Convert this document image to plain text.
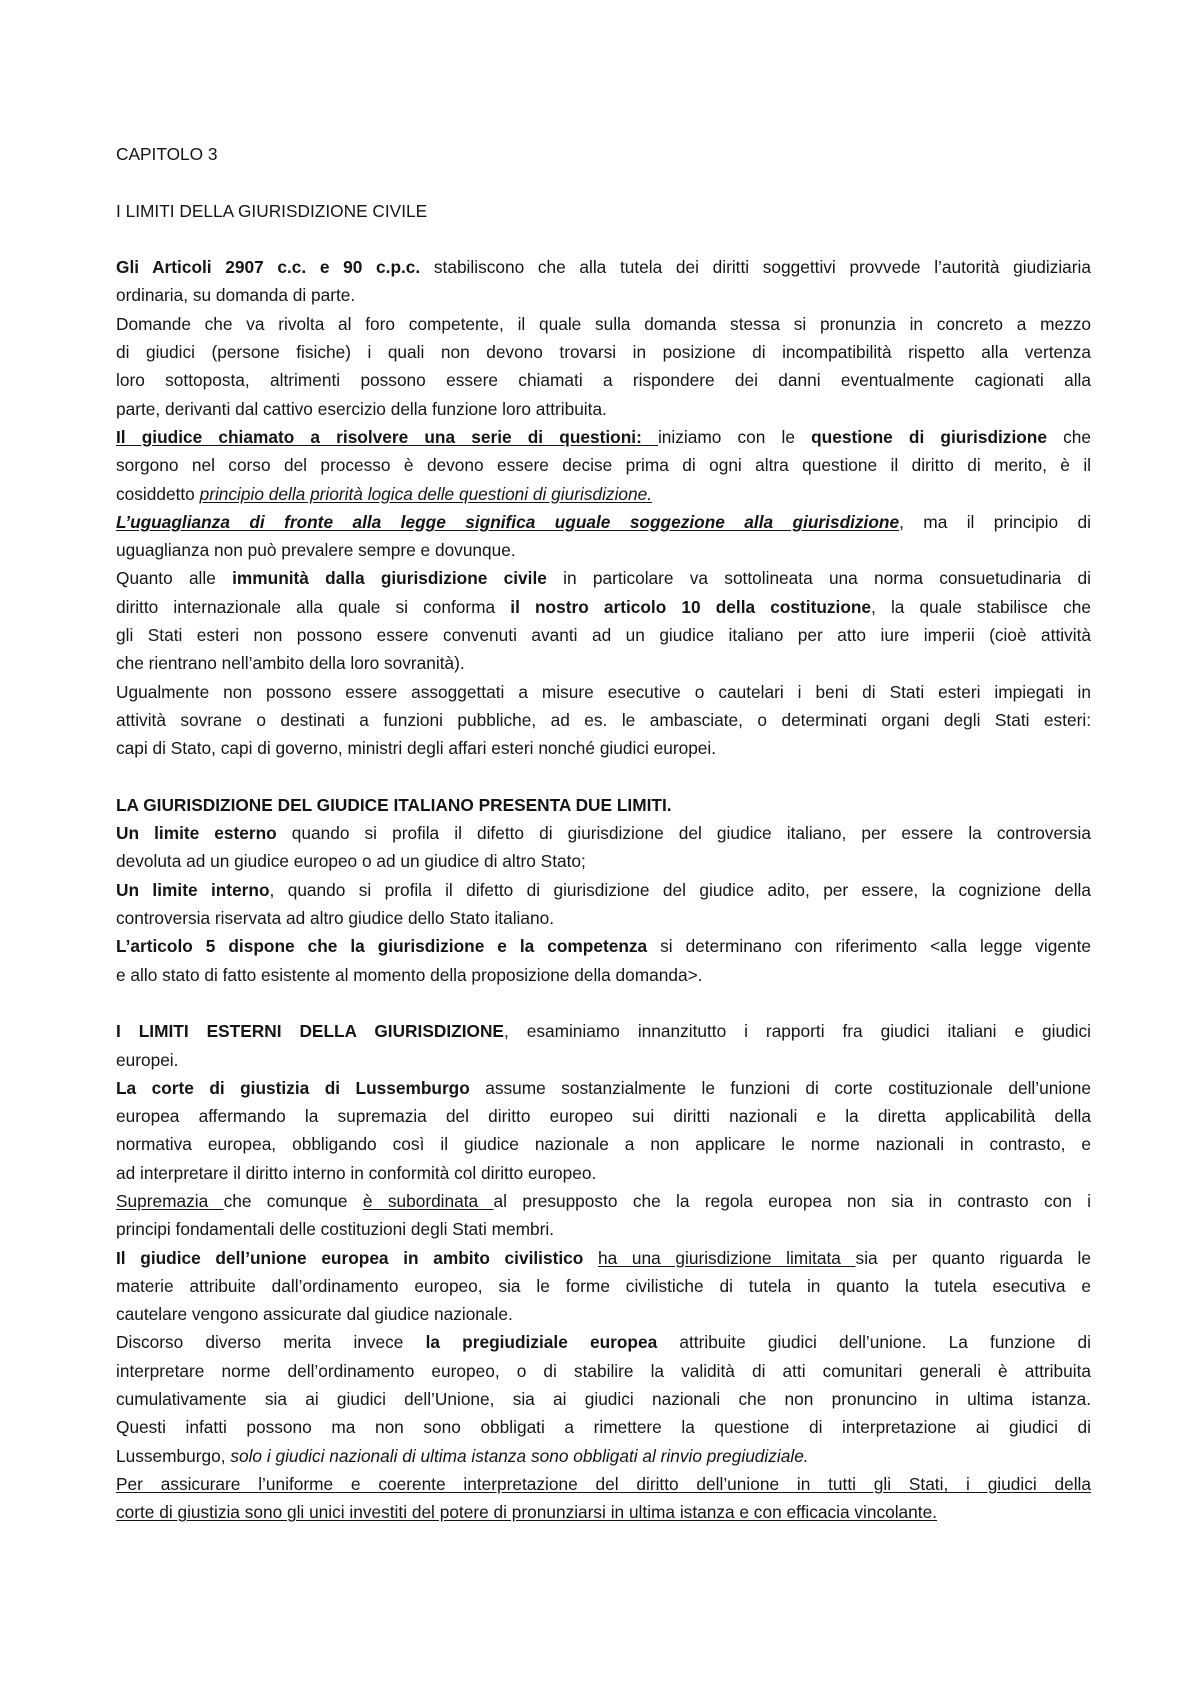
CAPITOLO 3
I LIMITI DELLA GIURISDIZIONE CIVILE
Gli Articoli 2907 c.c. e 90 c.p.c. stabiliscono che alla tutela dei diritti soggettivi provvede l’autorità giudiziaria
ordinaria, su domanda di parte.
Domande che va rivolta al foro competente, il quale sulla domanda stessa si pronunzia in concreto a mezzo
di giudici (persone fisiche) i quali non devono trovarsi in posizione di incompatibilità rispetto alla vertenza
loro sottoposta, altrimenti possono essere chiamati a rispondere dei danni eventualmente cagionati alla
parte, derivanti dal cattivo esercizio della funzione loro attribuita.
Il giudice chiamato a risolvere una serie di questioni: iniziamo con le questione di giurisdizione che
sorgono nel corso del processo è devono essere decise prima di ogni altra questione il diritto di merito, è il
cosiddetto principio della priorità logica delle questioni di giurisdizione.
L’uguaglianza di fronte alla legge significa uguale soggezione alla giurisdizione, ma il principio di
uguaglianza non può prevalere sempre e dovunque.
Quanto alle immunità dalla giurisdizione civile in particolare va sottolineata una norma consuetudinaria di
diritto internazionale alla quale si conforma il nostro articolo 10 della costituzione, la quale stabilisce che
gli Stati esteri non possono essere convenuti avanti ad un giudice italiano per atto iure imperii (cioè attività
che rientrano nell’ambito della loro sovranità).
Ugualmente non possono essere assoggettati a misure esecutive o cautelari i beni di Stati esteri impiegati in
attività sovrane o destinati a funzioni pubbliche, ad es. le ambasciate, o determinati organi degli Stati esteri:
capi di Stato, capi di governo, ministri degli affari esteri nonché giudici europei.
LA GIURISDIZIONE DEL GIUDICE ITALIANO PRESENTA DUE LIMITI.
Un limite esterno quando si profila il difetto di giurisdizione del giudice italiano, per essere la controversia
devoluta ad un giudice europeo o ad un giudice di altro Stato;
Un limite interno, quando si profila il difetto di giurisdizione del giudice adito, per essere, la cognizione della
controversia riservata ad altro giudice dello Stato italiano.
L’articolo 5 dispone che la giurisdizione e la competenza si determinano con riferimento <alla legge vigente
e allo stato di fatto esistente al momento della proposizione della domanda>.
I LIMITI ESTERNI DELLA GIURISDIZIONE, esaminiamo innanzitutto i rapporti fra giudici italiani e giudici
europei.
La corte di giustizia di Lussemburgo assume sostanzialmente le funzioni di corte costituzionale dell’unione
europea affermando la supremazia del diritto europeo sui diritti nazionali e la diretta applicabilità della
normativa europea, obbligando così il giudice nazionale a non applicare le norme nazionali in contrasto, e
ad interpretare il diritto interno in conformità col diritto europeo.
Supremazia che comunque è subordinata al presupposto che la regola europea non sia in contrasto con i
principi fondamentali delle costituzioni degli Stati membri.
Il giudice dell’unione europea in ambito civilistico ha una giurisdizione limitata sia per quanto riguarda le
materie attribuite dall’ordinamento europeo, sia le forme civilistiche di tutela in quanto la tutela esecutiva e
cautelare vengono assicurate dal giudice nazionale.
Discorso diverso merita invece la pregiudiziale europea attribuite giudici dell’unione. La funzione di
interpretare norme dell’ordinamento europeo, o di stabilire la validità di atti comunitari generali è attribuita
cumulativamente sia ai giudici dell’Unione, sia ai giudici nazionali che non pronuncino in ultima istanza.
Questi infatti possono ma non sono obbligati a rimettere la questione di interpretazione ai giudici di
Lussemburgo, solo i giudici nazionali di ultima istanza sono obbligati al rinvio pregiudiziale.
Per assicurare l’uniforme e coerente interpretazione del diritto dell’unione in tutti gli Stati, i giudici della
corte di giustizia sono gli unici investiti del potere di pronunziarsi in ultima istanza e con efficacia vincolante.
